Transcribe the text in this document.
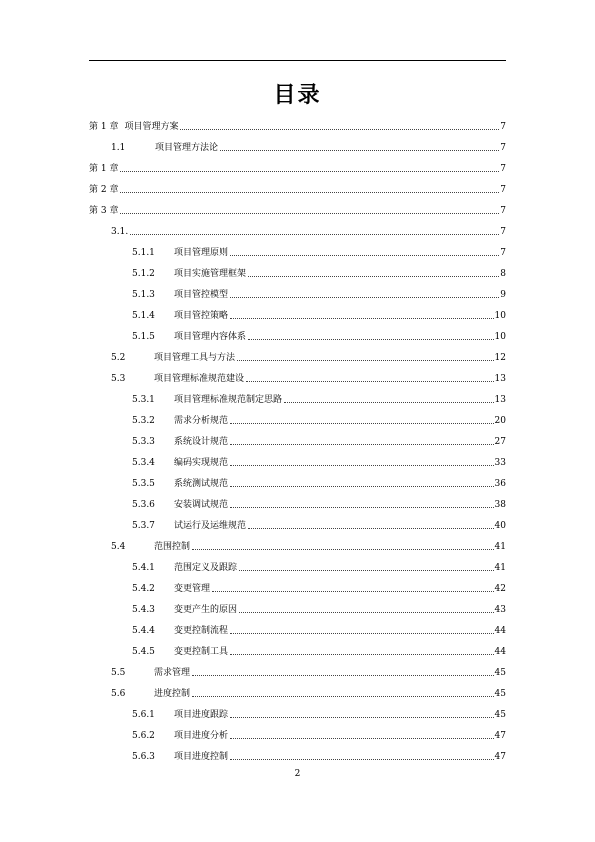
目录
第 1 章 项目管理方案	7
1.1	项目管理方法论	7
第 1 章	7
第 2 章	7
第 3 章	7
3.1.	7
5.1.1	项目管理原则	7
5.1.2	项目实施管理框架	8
5.1.3	项目管控模型	9
5.1.4	项目管控策略	10
5.1.5	项目管理内容体系	10
5.2	项目管理工具与方法	12
5.3	项目管理标准规范建设	13
5.3.1	项目管理标准规范制定思路	13
5.3.2	需求分析规范	20
5.3.3	系统设计规范	27
5.3.4	编码实现规范	33
5.3.5	系统测试规范	36
5.3.6	安装调试规范	38
5.3.7	试运行及运维规范	40
5.4	范围控制	41
5.4.1	范围定义及跟踪	41
5.4.2	变更管理	42
5.4.3	变更产生的原因	43
5.4.4	变更控制流程	44
5.4.5	变更控制工具	44
5.5	需求管理	45
5.6	进度控制	45
5.6.1	项目进度跟踪	45
5.6.2	项目进度分析	47
5.6.3	项目进度控制	47
2
